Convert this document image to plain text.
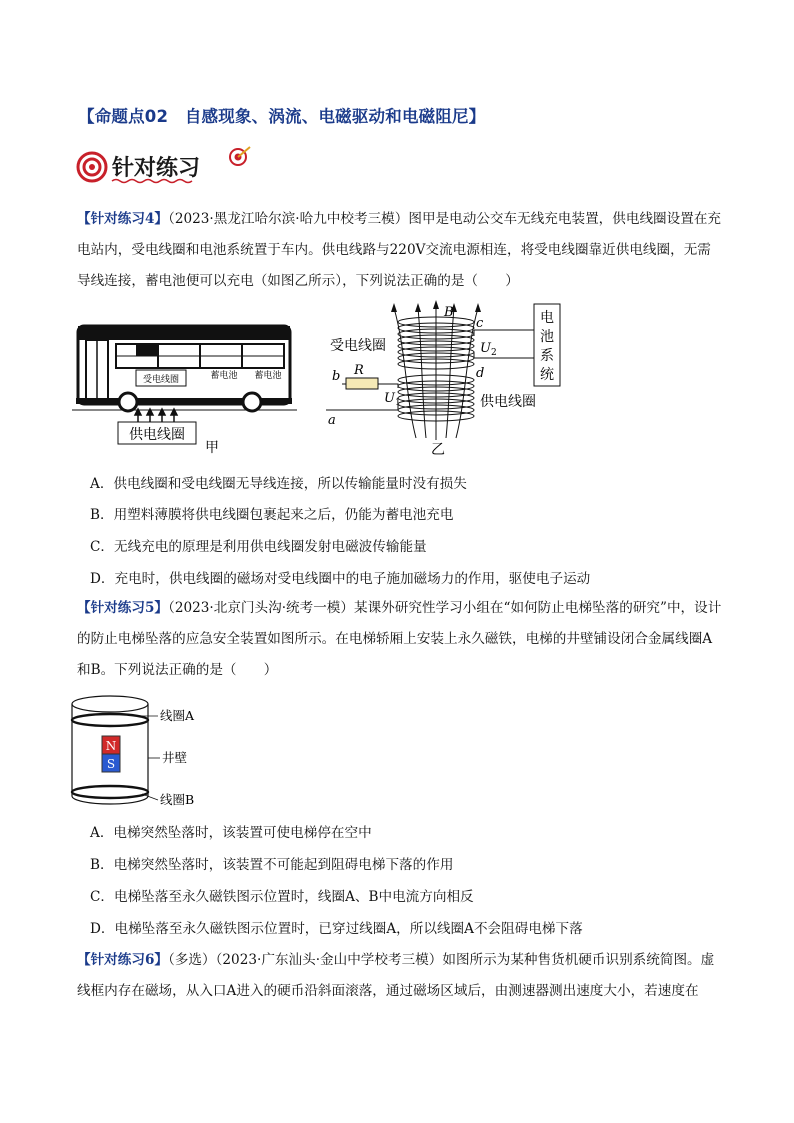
【命题点02　自感现象、涡流、电磁驱动和电磁阻尼】
针对练习
【针对练习4】（2023·黑龙江哈尔滨·哈九中校考三模）图甲是电动公交车无线充电装置，供电线圈设置在充电站内，受电线圈和电池系统置于车内。供电线路与220V交流电源相连，将受电线圈靠近供电线圈，无需导线连接，蓄电池便可以充电（如图乙所示），下列说法正确的是（　　）
受电线圈	蓄电池 蓄电池
供电线圈
甲
B	电
池
系
统
c
d
$U_2$
受电线圈
R
b
a
$U_1$	供电线圈
乙
A．供电线圈和受电线圈无导线连接，所以传输能量时没有损失
B．用塑料薄膜将供电线圈包裹起来之后，仍能为蓄电池充电
C．无线充电的原理是利用供电线圈发射电磁波传输能量
D．充电时，供电线圈的磁场对受电线圈中的电子施加磁场力的作用，驱使电子运动
【针对练习5】（2023·北京门头沟·统考一模）某课外研究性学习小组在“如何防止电梯坠落的研究”中，设计的防止电梯坠落的应急安全装置如图所示。在电梯轿厢上安装上永久磁铁，电梯的井壁铺设闭合金属线圈A和B。下列说法正确的是（　　）
N
S
线圈A
井壁
线圈B
A．电梯突然坠落时，该装置可使电梯停在空中
B．电梯突然坠落时，该装置不可能起到阻碍电梯下落的作用
C．电梯坠落至永久磁铁图示位置时，线圈A、B中电流方向相反
D．电梯坠落至永久磁铁图示位置时，已穿过线圈A，所以线圈A不会阻碍电梯下落
【针对练习6】（多选）（2023·广东汕头·金山中学校考三模）如图所示为某种售货机硬币识别系统简图。虚线框内存在磁场，从入口A进入的硬币沿斜面滚落，通过磁场区域后，由测速器测出速度大小，若速度在
